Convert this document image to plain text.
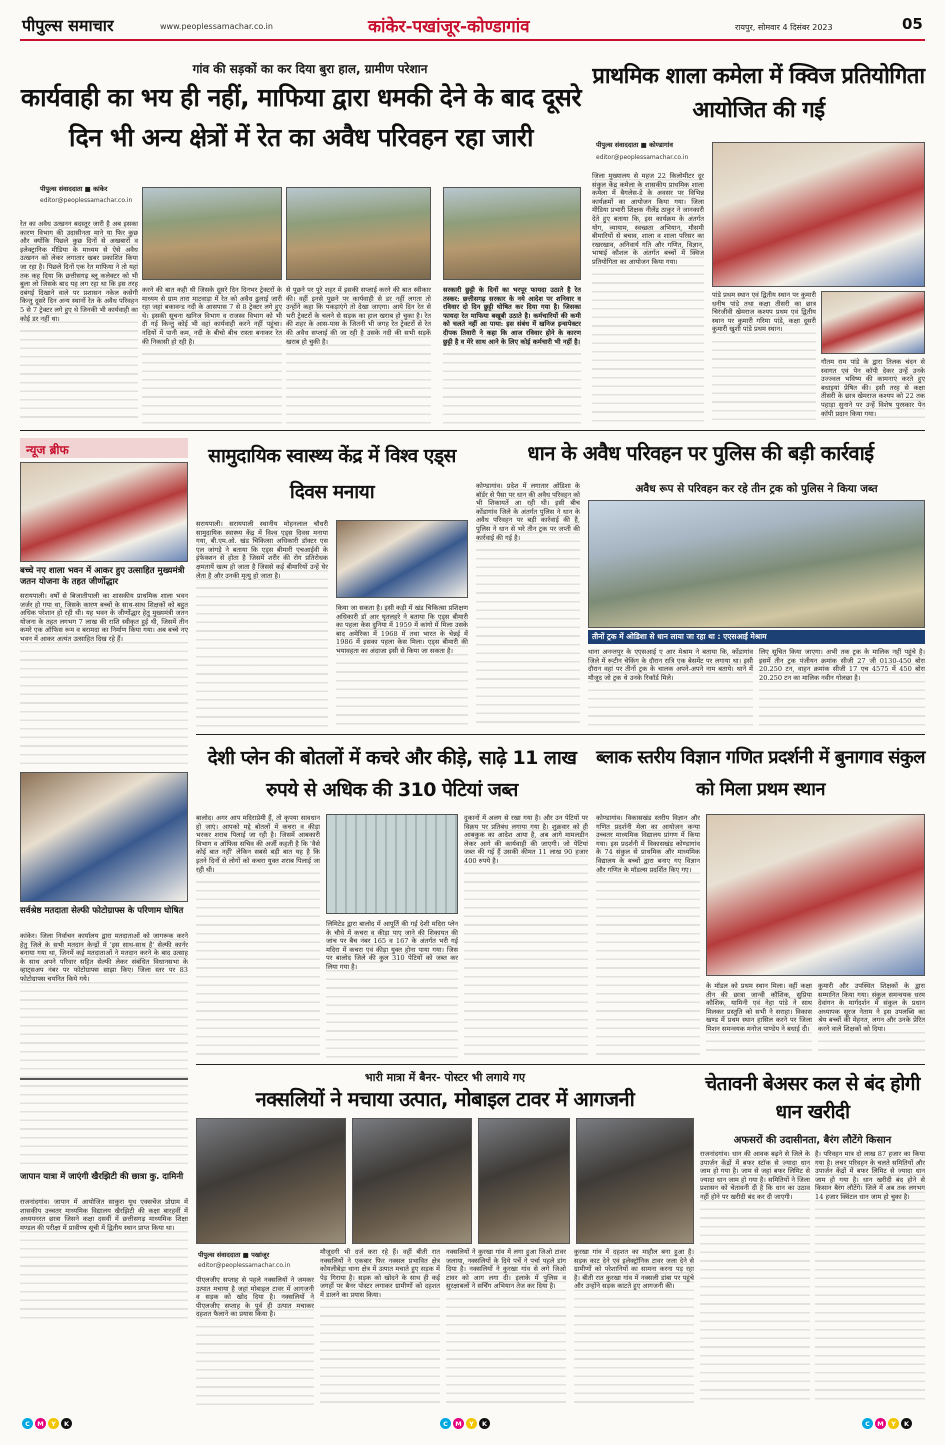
पीपुल्स समाचार	www.peoplessamachar.co.in	कांकेर-पखांजूर-कोण्डागांव	रायपुर, सोमवार 4 दिसंबर 2023	05
गांव की सड़कों का कर दिया बुरा हाल, ग्रामीण परेशान
कार्यवाही का भय ही नहीं, माफिया द्वारा धमकी देने के बाद दूसरे दिन भी अन्य क्षेत्रों में रेत का अवैध परिवहन रहा जारी
पीपुल्स संवाददाता ■ कांकेर
editor@peoplessamachar.co.in
रेत का अवैध उत्खनन बदस्तूर जारी है अब इसका कारण विभाग की उदासीनता माने या फिर कुछ और क्योंकि पिछले कुछ दिनों से अखबारों व इलेक्ट्रानिक मीडिया के माध्यम से ऐसे अवैध उत्खनन को लेकर लगातार खबर प्रकाशित किया जा रहा है। पिछले दिनों एक रेत माफिया ने तो यहां तक कह दिया कि छत्तीसगढ़ ब्लू कलेक्टर को भी बुला लो जिसके बाद यह लग रहा था कि इस तरह दबंगई दिखाने वाले पर प्रशासन नकेल कसेगी किन्तु दूसरे दिन अन्य स्थानों रेत के अवैध परिवहन 5 से 7 ट्रेक्टर लगे हुए थे जिनकी भी कार्यवाही का कोई डर नहीं था।
करने की बात कही थी जिसके दूसरे दिन दिनभर ट्रेक्टरों के माध्यम से ग्राम तारा माटवाड़ा में रेत को अवैध ढुलाई जारी रहा जहां बकावन्ड नदी के आसपास 7 से 8 ट्रेक्टर लगे हुए थे। इसकी सूचना खनिज विभाग व राजस्व विभाग को भी दी गई किन्तु कोई भी वहां कार्यवाही करने नहीं पहुंचा। नदियों में पानी कम, नदी के बीचो बीच रास्ता बनाकर रेत की निकासी हो रही है।
से पूछने पर पूरे शहर में इसकी सप्लाई करने की बात स्वीकार की। वहीं इनसे पूछने पर कार्यवाही से डर नहीं लगता तो उन्होंने कहा कि पकड़ाएंगे तो देखा जाएगा। आये दिन रेत से भरी ट्रेक्टरों के चलने से सड़क का हाल खराब हो चुका है। रेत की शहर के आस-पास के जितनी भी जगह रेत ट्रेक्टरों से रेत की अवैध सप्लाई की जा रही है उसके नदी की सभी सड़कें खराब हो चुकी है।
सरकारी छुट्टी के दिनों का भरपूर फायदा उठाते है रेत तस्कर: छत्तीसगढ़ सरकार के नये आदेश पर शनिवार व रविवार दो दिन छुट्टी घोषित कर दिया गया है। जिसका फायदा रेत माफिया बखूबी उठाते है। कर्मचारियों की कमी को चलते नहीं आ पाया: इस संबंध में खनिज इन्सपेक्टर दीपक तिवारी ने कहा कि आज रविवार होने के कारण छुट्टी है व मेरे साथ आने के लिए कोई कर्मचारी भी नहीं है।
प्राथमिक शाला कमेला में क्विज प्रतियोगिता आयोजित की गई
पीपुल्स संवाददाता ■ कोण्डागांव
editor@peoplessamachar.co.in
जिला मुख्यालय से महज 22 किलोमीटर दूर संकुल केंद्र कमेला के शासकीय प्राथमिक शाला कमेला में बैगलेस-डे के अवसर पर विभिन्न कार्यक्रमों का आयोजन किया गया। जिला मीडिया प्रभारी शिक्षक नीलेंद्र ठाकुर ने जानकारी देते हुए बताया कि, इस कार्यक्रम के अंतर्गत योग, व्यायाम, स्वच्छता अभियान, मौसमी बीमारियों से बचाव, शाला व शाला परिसर का रखरखाव, अनिवार्य गति और गणित, विज्ञान, भाषाई कौशल के अंतर्गत बच्चों में क्विज प्रतियोगिता का आयोजन किया गया।
पांडे प्रथम स्थान एवं द्वितीय स्थान पर कुमारी धनीष पांडे तथा कक्षा तीसरी का छात्र चिरंजीवी खेमराज कश्यप प्रथम एवं द्वितीय स्थान पर कुमारी गरिमा पांडे, कक्षा दूसरी कुमारी खुशी पांडे प्रथम स्थान।
गौतम राम पांडे के द्वारा तिलक चंदन से स्वागत एवं पेन कॉपी देकर उन्हें उनके उज्ज्वल भविष्य की कामनाएं करते हुए बधाइयां प्रेषित की। इसी तरह से कक्षा तीसरी के छात्र खेमराज कश्यप को 22 तक पहाड़ा सुनाने पर उन्हें विशेष पुरस्कार पेन कॉपी प्रदान किया गया।
न्यूज ब्रीफ
बच्चे नए शाला भवन में आकर हुए उत्साहित मुख्यमंत्री जतन योजना के तहत जीर्णोद्धार
सरायपाली। वर्षों से बिजातीपाली का शासकीय प्राथमिक शाला भवन जर्जर हो गया था, जिसके कारण बच्चों के साथ-साथ शिक्षकों को बहुत अधिक परेशान हो रही थी। यह भवन के जीर्णोद्धार हेतु मुख्यमंत्री जतन योजना के तहत लगभग 7 लाख की राशि स्वीकृत हुई थी, जिसमें तीन कमरे एक ऑफिस रूम व बरामदा का निर्माण किया गया। अब बच्चे नए भवन में आकर अत्यंत उत्साहित दिख रहे हैं।
सर्वश्रेष्ठ मतदाता सेल्फी फोटोग्राफ्स के परिणाम घोषित
कांकेर। जिला निर्वाचन कार्यालय द्वारा मतदाताओं को जागरूक करने हेतु जिले के सभी मतदान केन्द्रों में 'इस साथ-साथ है' सेल्फी कार्नर बनाया गया था, जिनमें कई मतदाताओं ने मतदान करने के बाद उत्साह के साथ अपने परिवार सहित सेल्फी लेकर संबंधित विधानसभा के व्हाट्सअप नंबर पर फोटोग्राफ्स साझा किए। जिला स्तर पर 83 फोटोग्राफ्स चयनित किये गये।
जापान यात्रा में जाएंगी खैरझिटी की छात्रा कु. दामिनी
राजनांदगांव। जापान में आयोजित साकुरा यूथ एक्सचेंज प्रोग्राम में शासकीय उच्चतर माध्यमिक विद्यालय खैरझिटी की कक्षा बारहवीं में अध्ययनरत छात्रा जिसने कक्षा दसवीं में छत्तीसगढ़ माध्यमिक शिक्षा मण्डल की परीक्षा में प्रावीण्य सूची में द्वितीय स्थान प्राप्त किया था।
सामुदायिक स्वास्थ्य केंद्र में विश्व एड्स दिवस मनाया
सरायपाली। सरायपाली स्थानीय मोहनलाल चौधरी सामुदायिक स्वास्थ्य केंद्र में विश्व एड्स दिवस मनाया गया, बी.एम.ओ. खंड चिकित्सा अधिकारी डॉक्टर एस एल जांगड़े ने बताया कि एड्स बीमारी एचआईवी के इंफेक्शन से होता है जिसमें शरीर की रोग प्रतिरोधक क्षमतायें खत्म हो जाता है जिससे कई बीमारियों उन्हें घेर लेता है और उनकी मृत्यु हो जाता है।
किया जा सकता है। इसी कड़ी में खंड चिकित्सा प्रशिक्षण अधिकारी डॉ आर घृतलहरे ने बताया कि एड्स बीमारी का पहला केस दुनिया में 1959 में कांगो में मिला उसके बाद अमेरिका में 1968 में तथा भारत के चेन्नई में 1986 में इसका पहला केस मिला। एड्स बीमारी की भयावहता का अंदाजा इसी से किया जा सकता है।
धान के अवैध परिवहन पर पुलिस की बड़ी कार्रवाई
कोण्डागांव। प्रदेश में लगातार ओडिशा के बॉर्डर से पैसा पर धान की अवैध परिवहन को भी शिकायतें आ रही थी। इसी बीच कोंडागांव जिले के अंतर्गत पुलिस ने धान के अवैध परिवहन पर बड़ी कार्रवाई की है, पुलिस ने धान से भरे तीन ट्रक पर जप्ती की कार्रवाई की गई है।
अवैध रूप से परिवहन कर रहे तीन ट्रक को पुलिस ने किया जब्त
तीनों ट्रक में ओडिशा से धान लाया जा रहा था : एएसआई मेश्राम
थाना अनन्तपुर के एएसआई ए आर मेश्राम ने बताया कि, कोंडागांव जिले में रूटीन चेकिंग के दौरान रात्रि एक बेसमेंट पर लगाया था। इसी दौरान वहां पर तीनों ट्रक के चालक अपने-अपने नाम बताये। थाने में मौजूद जो ट्रक थे उनके रिकॉर्ड मिले।
लिए सूचित किया जाएगा। अभी तक ट्रक के मालिक नहीं पहुंचे है। इसमें तीन ट्रक पंजीयन क्रमांक सीजी 27 जी 0130-450 बोरा 20.250 टन, वाहन क्रमांक सीजी 17 एच 4575 में 450 बोरा 20.250 टन का मालिक नवीन गोलछा है।
देशी प्लेन की बोतलों में कचरे और कीड़े, साढ़े 11 लाख रुपये से अधिक की 310 पेटियां जब्त
बालोद। अगर आप मदिराप्रेमी हैं, तो कृपया सावधान हो जाएं। आपको मद्दे बोतलों में कचरा व कीड़ा भरकर शराब पिलाई जा रही है। जिसमें आबकारी विभाग व ऑफिस सचिव की अर्जी कहती है कि 'वैसे कोई बात नहीं' लेकिन सबसे बड़ी बात यह है कि इतने दिनों से लोगों को कचरा युक्त शराब पिलाई जा रही थी।
लिमिटेड द्वारा बालोद में आपूर्ति की गई देशी मदिरा प्लेन के चौथे में कचरा व कीड़ा पाए जाने की शिकायत की जांच पर बैच नंबर 165 व 167 के अंतर्गत भरी गई मदिरा में कचरा एवं कीड़ा युक्त होना पाया गया। जिस पर बालोद जिले की कुल 310 पेटियों को जब्त कर लिया गया है।
दुकानों में अलग से रखा गया है। और उन पेटियों पर विक्रय पर प्रतिबंध लगाया गया है। शुक्रवार को ही आबकुक का आदेश आया है, अब आगे मामलडीन लेकर आगे की कार्यवाही की जाएगी। जो पेटियां जब्त की गई हैं उसकी कीमत 11 लाख 90 हजार 400 रुपये है।
ब्लाक स्तरीय विज्ञान गणित प्रदर्शनी में बुनागाव संकुल को मिला प्रथम स्थान
कोण्डागांव। विकासखंड स्तरीय विज्ञान और गणित प्रदर्शनी मेला का आयोजन कन्या उच्चतर माध्यमिक विद्यालय प्रांगण में किया गया। इस प्रदर्शनी में विकासखंड कोण्डागांव के 74 संकुल से प्राथमिक और माध्यमिक विद्यालय के बच्चों द्वारा बनाए गए विज्ञान और गणित के मॉडल्स प्रदर्शित किए गए।
के मॉडल को प्रथम स्थान मिला। वहीं कक्षा तीन की छात्रा जान्वी कौशिक, सुप्रिया कौशिक, यामिनी एवं नेहा पांडे ने साथ मिलकर प्रस्तुति को सभी ने सराहा। विकास खण्ड में प्रथम स्थान हासिल करने पर जिला मिशन समन्वयक मनोज पाण्डेय ने बधाई दी।
कुमारी और उपस्थित शिक्षकों के द्वारा सम्मानित किया गया। संकुल समन्वयक धरम देवांगन के मार्गदर्शन में संकुल के प्रधान अध्यापक सूरज नेताम ने इस उपलब्धि का श्रेय बच्चों की मेहनत, लगन और उनके प्रेरित करने वाले शिक्षकों को दिया।
भारी मात्रा में बैनर- पोस्टर भी लगाये गए
नक्सलियों ने मचाया उत्पात, मोबाइल टावर में आगजनी
पीपुल्स संवाददाता ■ पखांजूर
editor@peoplessamachar.co.in
पीएलजीए सप्ताह से पहले नक्सलियों ने जमकर उत्पात मचाया है जहां मोबाइल टावर में आगजनी व सड़क को खोद दिया है। नक्सलियों ने पीएलजीए सप्ताह के पूर्व ही उत्पात मचाकर दहशत फैलाने का प्रयास किया है।
मौजूदगी भी दर्ज करा रहे हैं। वहीं बीती रात नक्सलियों ने एकबार फिर नक्सल प्रभावित क्षेत्र कोयलीबेड़ा थाना क्षेत्र में उत्पात मचाते हुए सड़क में पेड़ गिराया है। सड़क को खोदने के साथ ही कई जगहों पर बैनर पोस्टर लगाकर ग्रामीणों को दहशत में डालने का प्रयास किया।
नक्सलियों ने कुरखा गांव में लगा हुआ जिओ टावर जलाया, नक्सलियों के दिये पर्चे ने पर्चा पहले डांग दिया है। नक्सलियों ने कुरखा गांव से लगे जिओ टावर को आग लगा दी। इलाके में पुलिस व सुरक्षाबलों ने सर्चिंग अभियान तेज कर दिया है।
कुरखा गांव में दहशत का माहौल बना हुआ है। सड़क काट देने एवं इलेक्ट्रॉनिक टावर जला देने से ग्रामीणों को परेशानियों का सामना करना पड़ रहा है। बीती रात कुरखा गांव में नक्सली डांबा पर पहुंचे और उन्होंने सड़क काटते हुए आगजनी की।
चेतावनी बेअसर कल से बंद होगी धान खरीदी
अफसरों की उदासीनता, बैरंग लौटेंगे किसान
राजनांदगांव। धान की आवक बढ़ने से जिले के उपार्जन केंद्रों में बफर स्टॉक से ज्यादा धान जाम हो गया है। जाम से जहां बफर लिमिट से ज्यादा धान जाम हो गया है। समितियों ने जिला प्रशासन को चेतावनी दी है कि धान का उठाव नहीं होने पर खरीदी बंद कर दी जाएगी।
है। परिवहन मात्र दो लाख 87 हजार का किया गया है। लचर परिवहन के चलते समितियों और उपार्जन केंद्रों में बफर लिमिट से ज्यादा धान जाम हो गया है। धान खरीदी बंद होने से किसान बैरंग लौटेंगे। जिले में अब तक लगभग 14 हजार क्विंटल धान जाम हो चुका है।
C	M	Y	K	C	M	Y	K	C	M	Y	K
